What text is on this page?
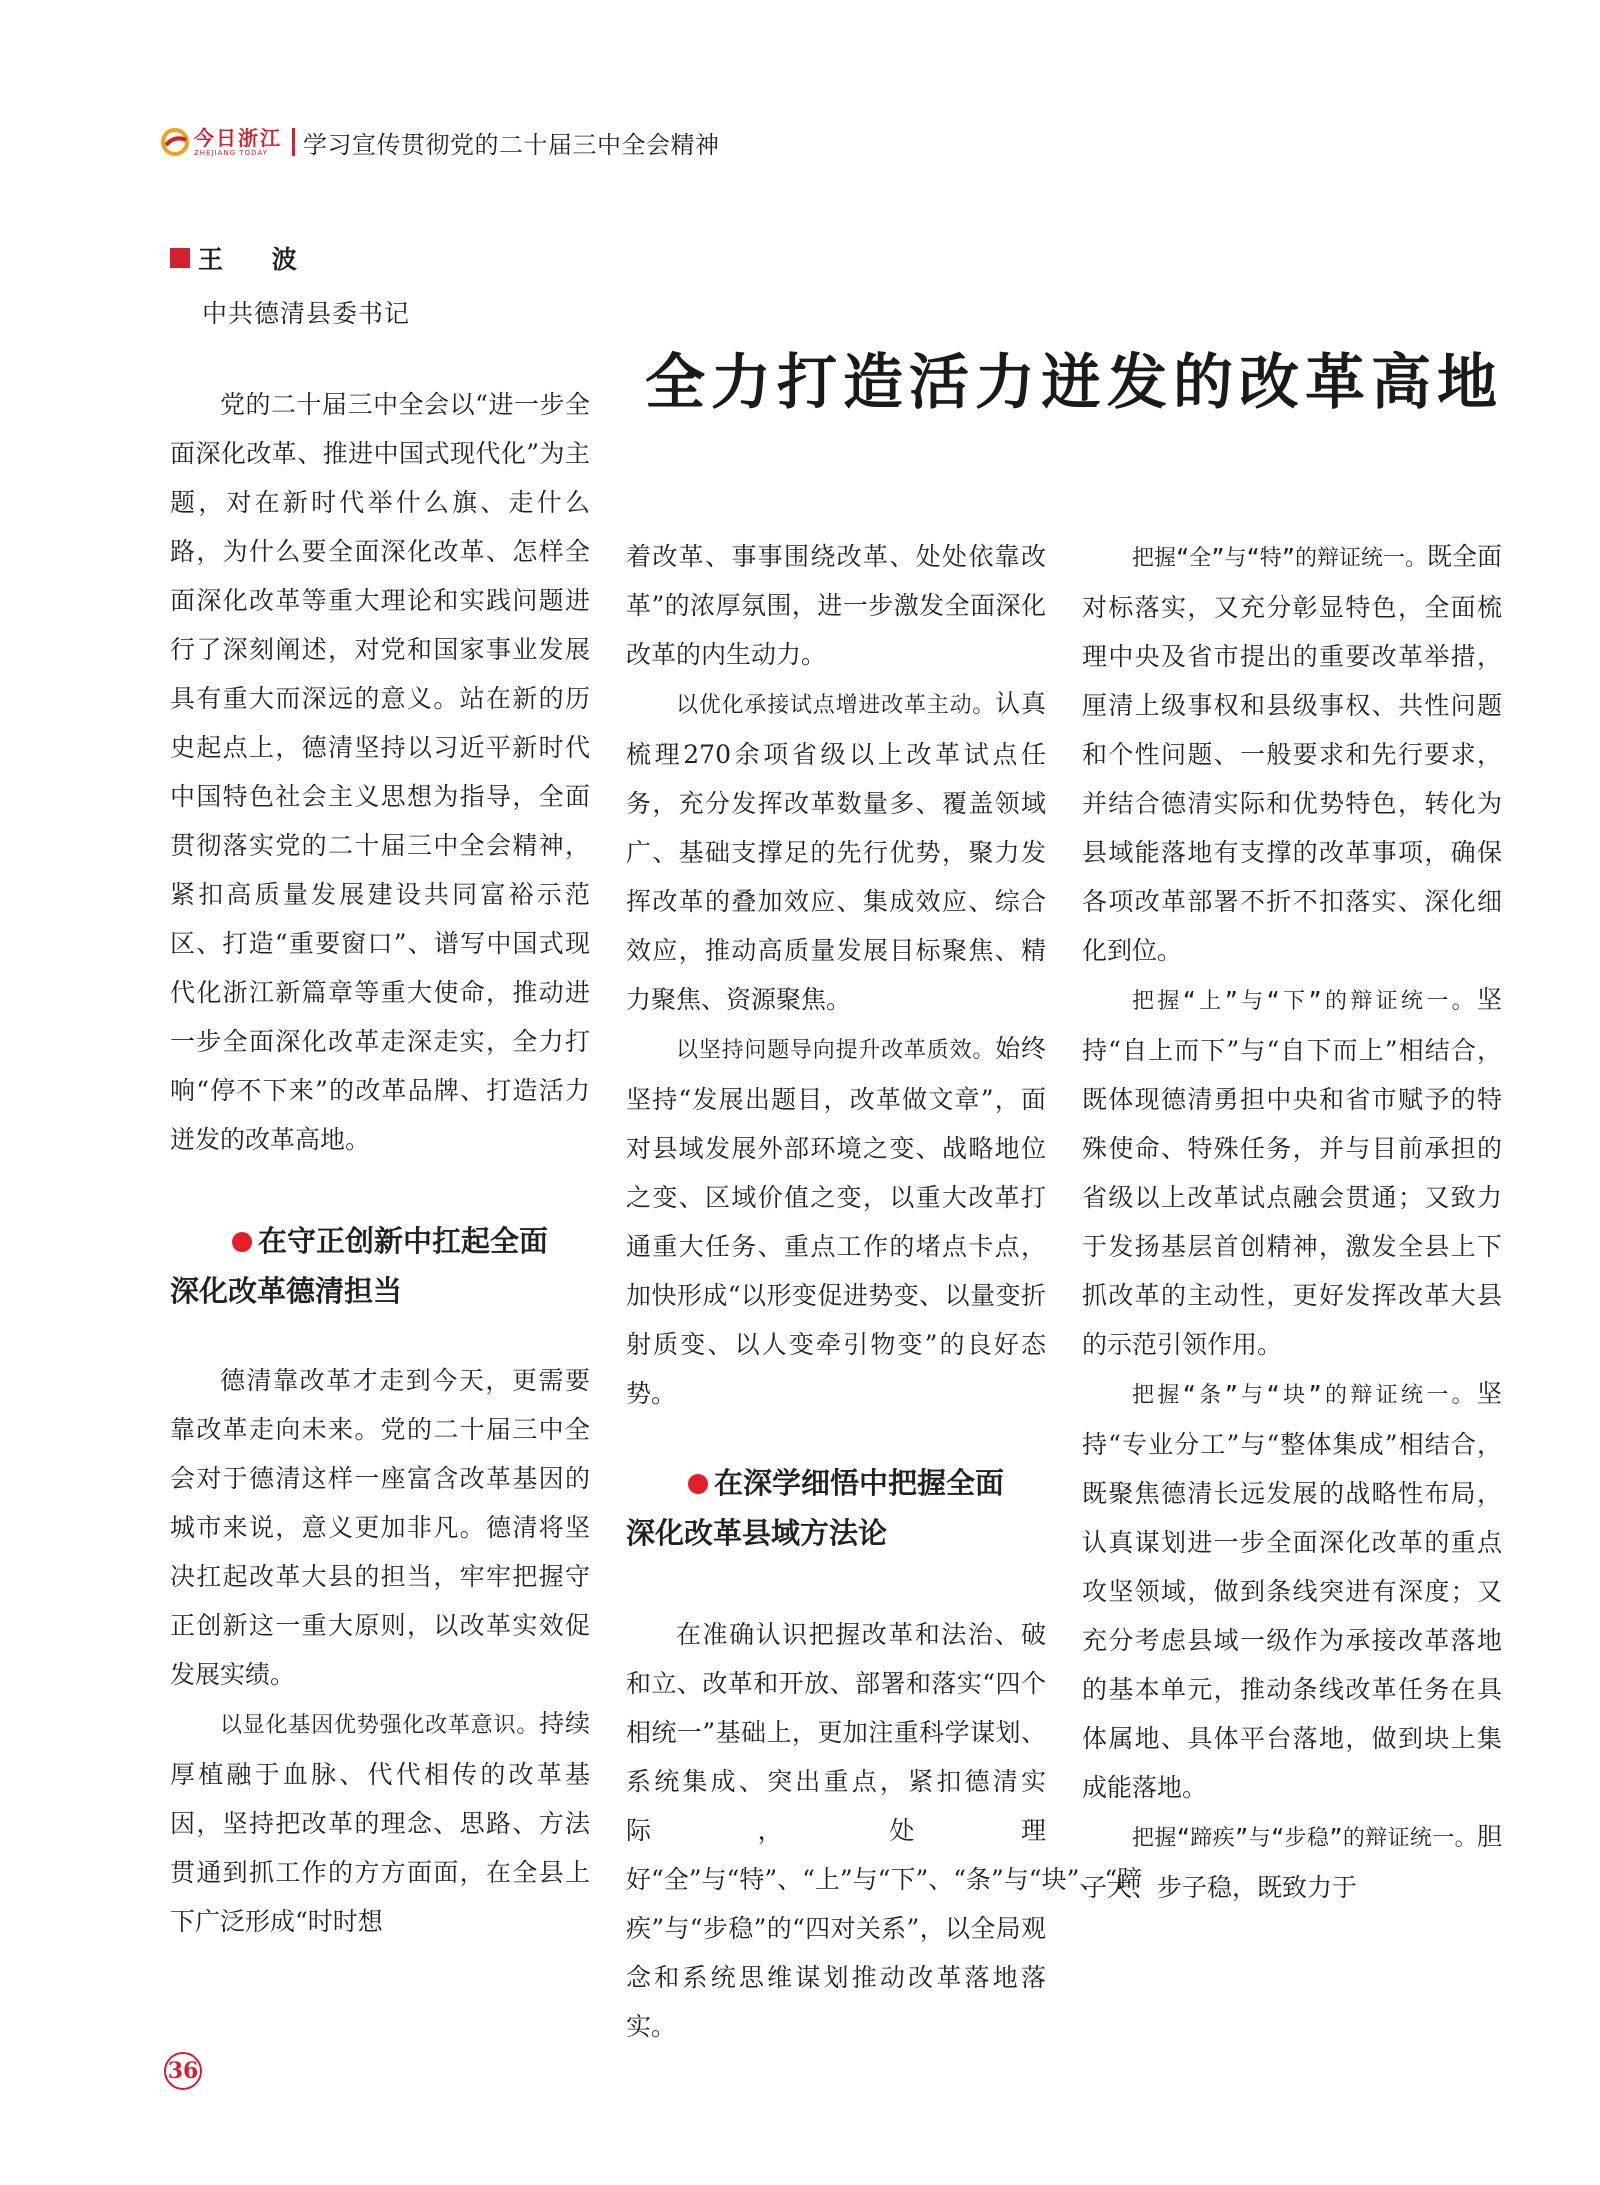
今日浙江
ZHEJIANG TODAY	学习宣传贯彻党的二十届三中全会精神
王 波
中共德清县委书记
全力打造活力迸发的改革高地

党的二十届三中全会以“进一步全面深化改革、推进中国式现代化”为主题，对在新时代举什么旗、走什么路，为什么要全面深化改革、怎样全面深化改革等重大理论和实践问题进行了深刻阐述，对党和国家事业发展具有重大而深远的意义。站在新的历史起点上，德清坚持以习近平新时代中国特色社会主义思想为指导，全面贯彻落实党的二十届三中全会精神，紧扣高质量发展建设共同富裕示范区、打造“重要窗口”、谱写中国式现代化浙江新篇章等重大使命，推动进一步全面深化改革走深走实，全力打响“停不下来”的改革品牌、打造活力迸发的改革高地。

在守正创新中扛起全面
深化改革德清担当

德清靠改革才走到今天，更需要靠改革走向未来。党的二十届三中全会对于德清这样一座富含改革基因的城市来说，意义更加非凡。德清将坚决扛起改革大县的担当，牢牢把握守正创新这一重大原则，以改革实效促发展实绩。

以显化基因优势强化改革意识。持续厚植融于血脉、代代相传的改革基因，坚持把改革的理念、思路、方法贯通到抓工作的方方面面，在全县上下广泛形成“时时想

着改革、事事围绕改革、处处依靠改革”的浓厚氛围，进一步激发全面深化改革的内生动力。

以优化承接试点增进改革主动。认真梳理270余项省级以上改革试点任务，充分发挥改革数量多、覆盖领域广、基础支撑足的先行优势，聚力发挥改革的叠加效应、集成效应、综合效应，推动高质量发展目标聚焦、精力聚焦、资源聚焦。

以坚持问题导向提升改革质效。始终坚持“发展出题目，改革做文章”，面对县域发展外部环境之变、战略地位之变、区域价值之变，以重大改革打通重大任务、重点工作的堵点卡点，加快形成“以形变促进势变、以量变折射质变、以人变牵引物变”的良好态势。

在深学细悟中把握全面
深化改革县域方法论

在准确认识把握改革和法治、破和立、改革和开放、部署和落实“四个相统一”基础上，更加注重科学谋划、系统集成、突出重点，紧扣德清实际，处理好“全”与“特”、“上”与“下”、“条”与“块”、“蹄疾”与“步稳”的“四对关系”，以全局观念和系统思维谋划推动改革落地落实。

把握“全”与“特”的辩证统一。既全面对标落实，又充分彰显特色，全面梳理中央及省市提出的重要改革举措，厘清上级事权和县级事权、共性问题和个性问题、一般要求和先行要求，并结合德清实际和优势特色，转化为县域能落地有支撑的改革事项，确保各项改革部署不折不扣落实、深化细化到位。

把握“上”与“下”的辩证统一。坚持“自上而下”与“自下而上”相结合，既体现德清勇担中央和省市赋予的特殊使命、特殊任务，并与目前承担的省级以上改革试点融会贯通；又致力于发扬基层首创精神，激发全县上下抓改革的主动性，更好发挥改革大县的示范引领作用。

把握“条”与“块”的辩证统一。坚持“专业分工”与“整体集成”相结合，既聚焦德清长远发展的战略性布局，认真谋划进一步全面深化改革的重点攻坚领域，做到条线突进有深度；又充分考虑县域一级作为承接改革落地的基本单元，推动条线改革任务在具体属地、具体平台落地，做到块上集成能落地。

把握“蹄疾”与“步稳”的辩证统一。胆子大、步子稳，既致力于

36
